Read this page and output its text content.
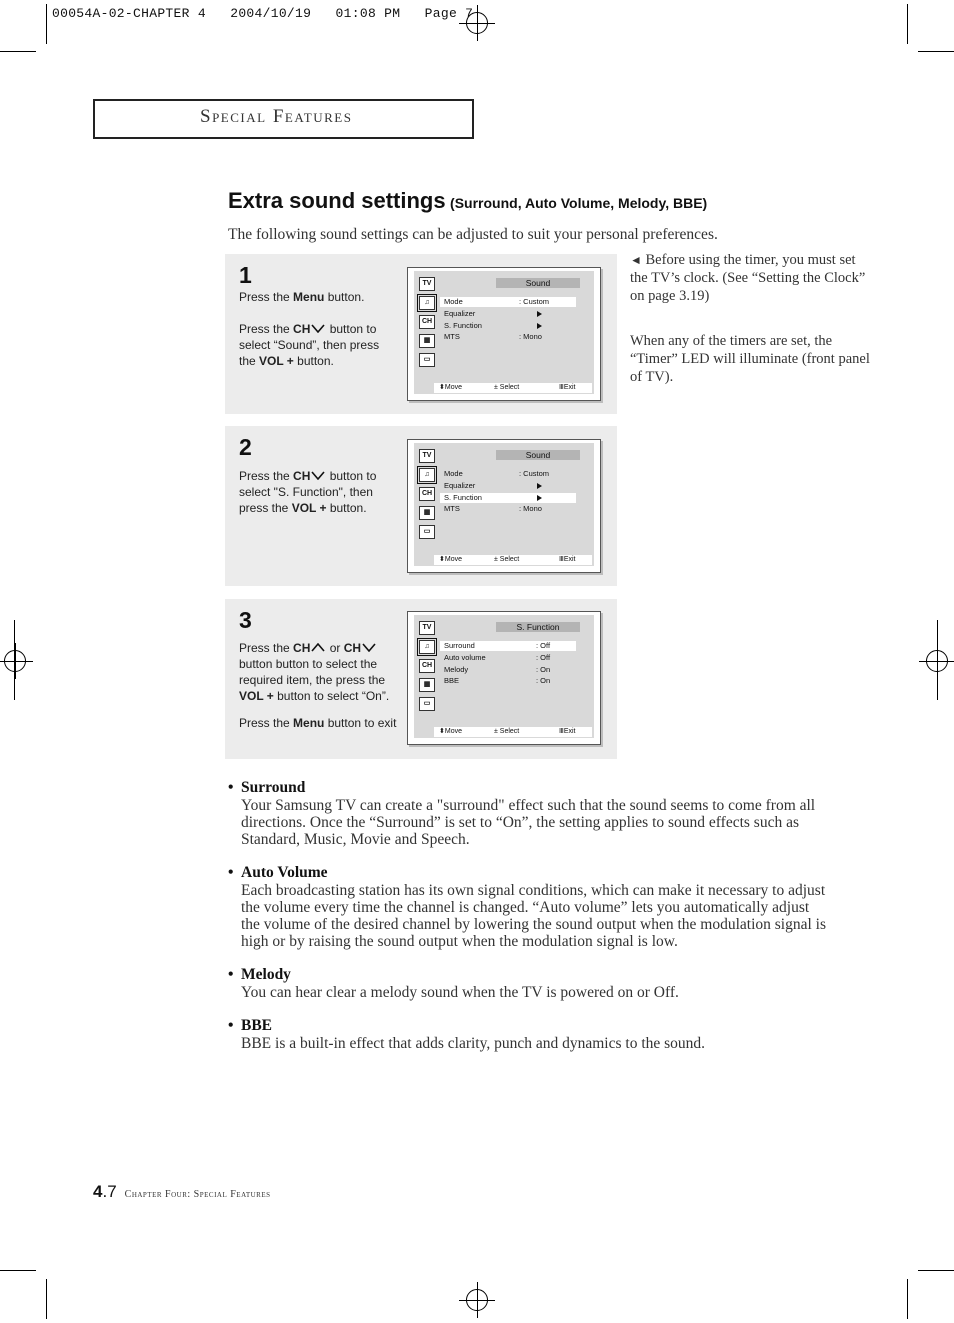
00054A-02-CHAPTER 4   2004/10/19   01:08 PM   Page 7
Special Features
Extra sound settings (Surround, Auto Volume, Melody, BBE)
The following sound settings can be adjusted to suit your personal preferences.
1

Press the Menu button.

Press the CH button to select “Sound”, then press the VOL + button.

TV
♫
CH
▦
▭
Sound
Mode	: Custom
Equalizer
S. Function
MTS	: Mono
⬍ Move	± Select	Ⅲ Exit
2

Press the CH button to select "S. Function", then press the VOL + button.

TV
♫
CH
▦
▭
Sound
Mode	: Custom
Equalizer
S. Function
MTS	: Mono
⬍ Move	± Select	Ⅲ Exit
3

Press the CH or CH button button to select the required item, the press the VOL + button to select “On”.

Press the Menu button to exit

TV
♫
CH
▦
▭
S. Function
Surround	: Off
Auto volume	: Off
Melody	: On
BBE	: On
⬍ Move	± Select	Ⅲ Exit
◄ Before using the timer, you must set the TV’s clock. (See “Setting the Clock” on page 3.19)
When any of the timers are set, the “Timer” LED will illuminate (front panel of TV).
• Surround
Your Samsung TV can create a "surround" effect such that the sound seems to come from all directions. Once the “Surround” is set to “On”, the setting applies to sound effects such as Standard, Music, Movie and Speech.
• Auto Volume
Each broadcasting station has its own signal conditions, which can make it necessary to adjust the volume every time the channel is changed. “Auto volume” lets you automatically adjust the volume of the desired channel by lowering the sound output when the modulation signal is high or by raising the sound output when the modulation signal is low.
• Melody
You can hear clear a melody sound when the TV is powered on or Off.
• BBE
BBE is a built-in effect that adds clarity, punch and dynamics to the sound.
4.7 Chapter Four: Special Features
